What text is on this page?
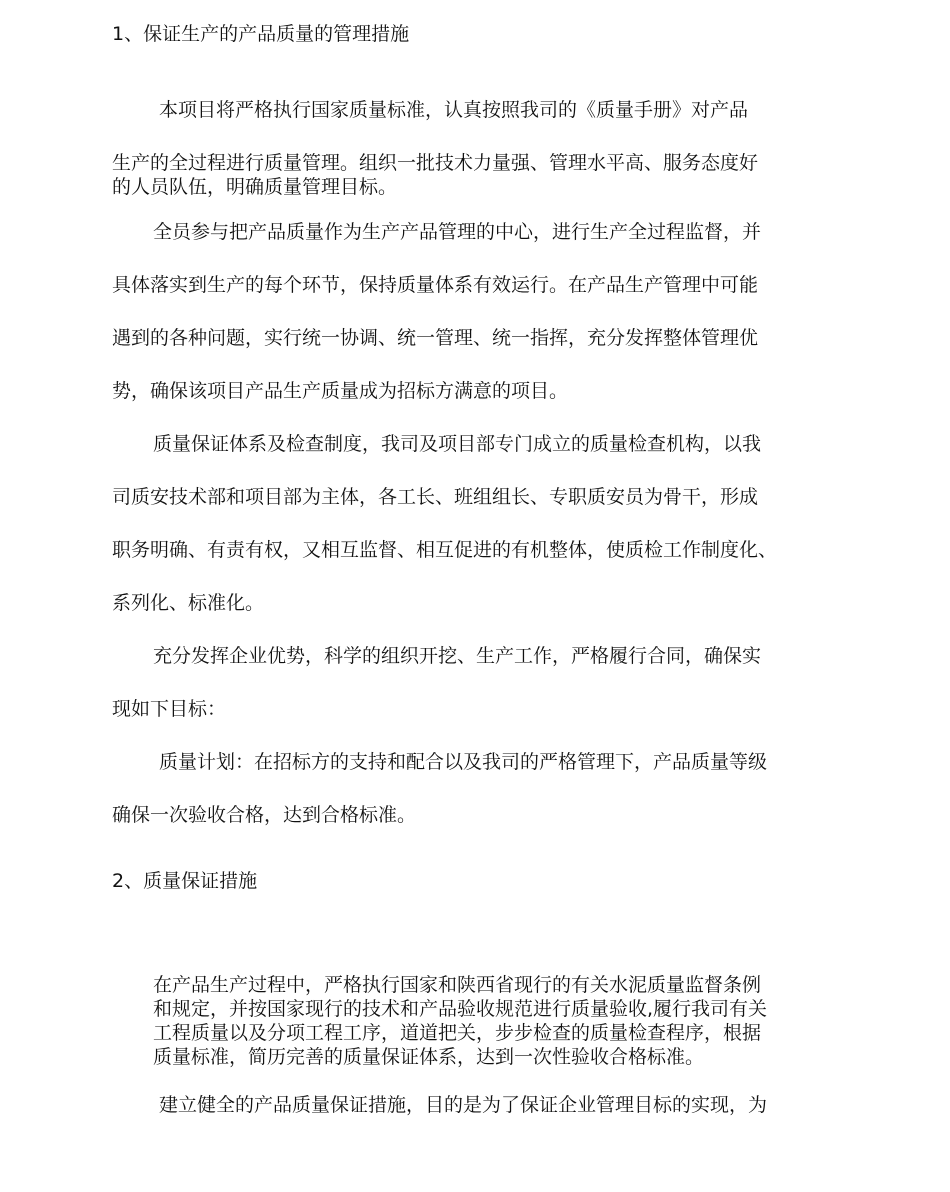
1、保证生产的产品质量的管理措施
本项目将严格执行国家质量标准，认真按照我司的《质量手册》对产品
生产的全过程进行质量管理。组织一批技术力量强、管理水平高、服务态度好
的人员队伍，明确质量管理目标。
全员参与把产品质量作为生产产品管理的中心，进行生产全过程监督，并
具体落实到生产的每个环节，保持质量体系有效运行。在产品生产管理中可能
遇到的各种问题，实行统一协调、统一管理、统一指挥，充分发挥整体管理优
势，确保该项目产品生产质量成为招标方满意的项目。
质量保证体系及检查制度，我司及项目部专门成立的质量检查机构，以我
司质安技术部和项目部为主体，各工长、班组组长、专职质安员为骨干，形成
职务明确、有责有权，又相互监督、相互促进的有机整体，使质检工作制度化、
系列化、标准化。
充分发挥企业优势，科学的组织开挖、生产工作，严格履行合同，确保实
现如下目标：
质量计划：在招标方的支持和配合以及我司的严格管理下，产品质量等级
确保一次验收合格，达到合格标准。
2、质量保证措施
在产品生产过程中，严格执行国家和陕西省现行的有关水泥质量监督条例
和规定，并按国家现行的技术和产品验收规范进行质量验收,履行我司有关
工程质量以及分项工程工序，道道把关，步步检查的质量检查程序，根据
质量标准，简历完善的质量保证体系，达到一次性验收合格标准。
建立健全的产品质量保证措施，目的是为了保证企业管理目标的实现，为
